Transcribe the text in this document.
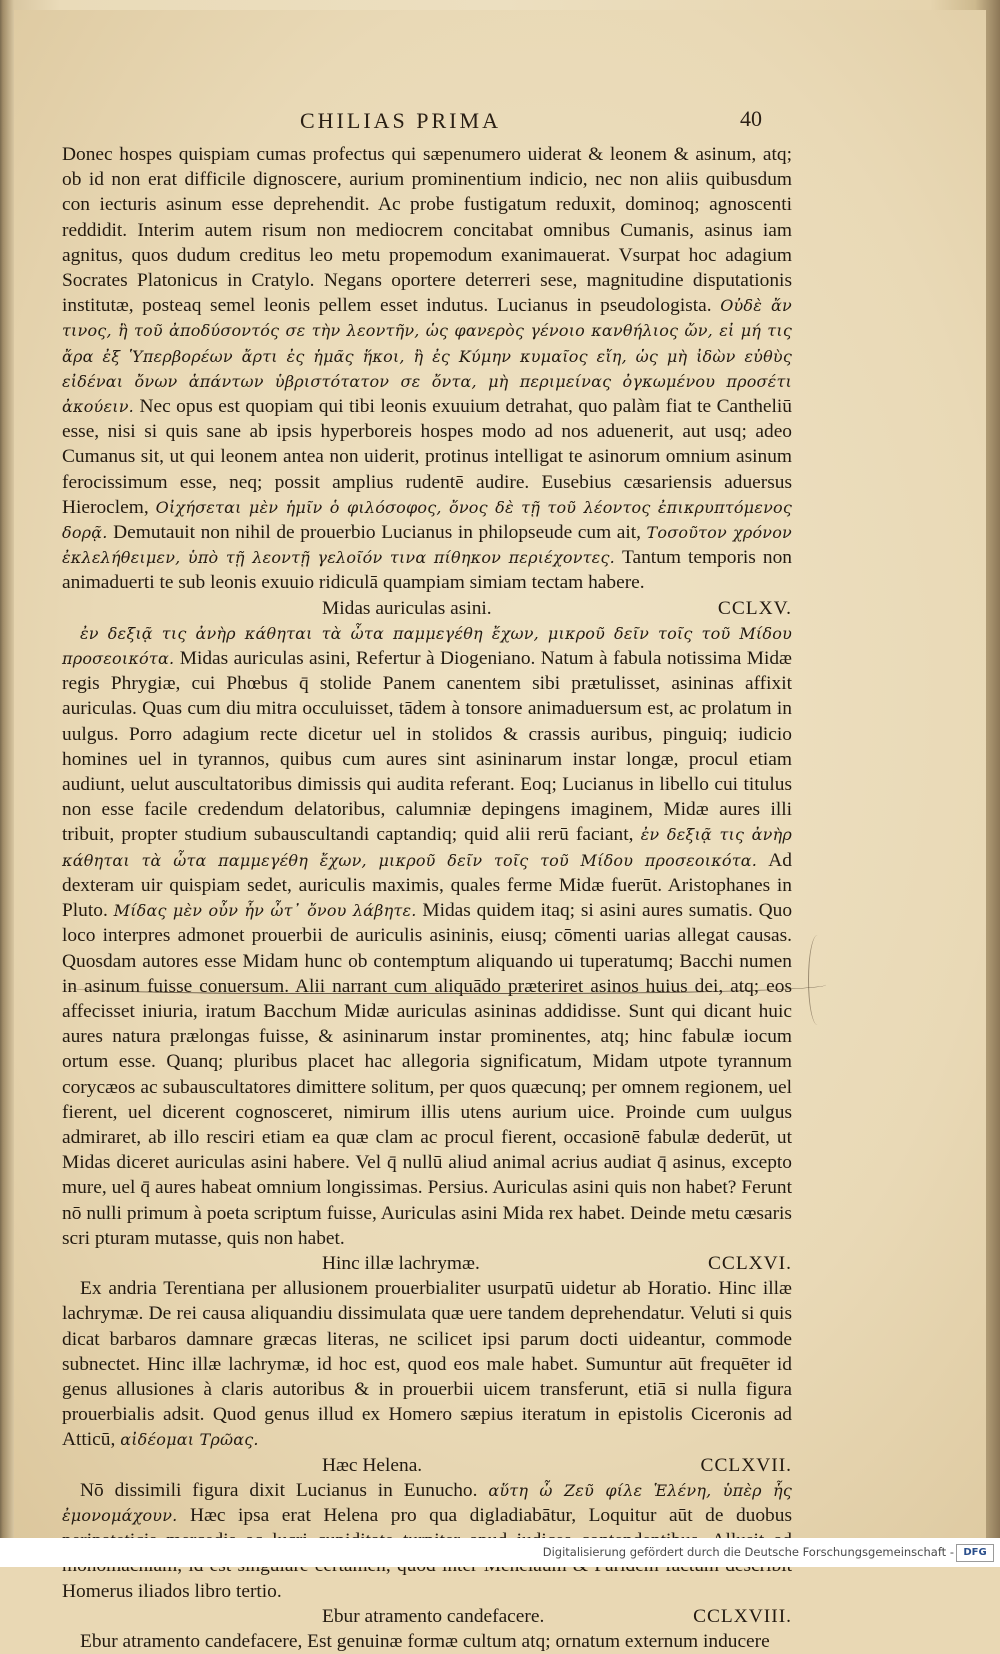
CHILIAS PRIMA	40

Donec hospes quispiam cumas profectus qui sæpenumero uiderat & leonem & asinum, atq; ob id non erat difficile dignoscere, aurium prominentium indicio, nec non aliis quibusdum con iecturis asinum esse deprehendit. Ac probe fustigatum reduxit, dominoq; agnoscenti reddidit. Interim autem risum non mediocrem concitabat omnibus Cumanis, asinus iam agnitus, quos dudum creditus leo metu propemodum exanimauerat. Vsurpat hoc adagium Socrates Platonicus in Cratylo. Negans oportere deterreri sese, magnitudine disputationis institutæ, posteaq semel leonis pellem esset indutus. Lucianus in pseudologista. Οὐδὲ ἄν τινος, ἢ τοῦ ἀποδύσοντός σε τὴν λεοντῆν, ὡς φανερὸς γένοιο κανθήλιος ὤν, εἰ μή τις ἄρα ἐξ Ὑπερβορέων ἄρτι ἐς ἡμᾶς ἥκοι, ἢ ἐς Κύμην κυμαῖος εἴη, ὡς μὴ ἰδὼν εὐθὺς εἰδέναι ὄνων ἁπάντων ὑβριστότατον σε ὄντα, μὴ περιμείνας ὀγκωμένου προσέτι ἀκούειν. Nec opus est quopiam qui tibi leonis exuuium detrahat, quo palàm fiat te Cantheliū esse, nisi si quis sane ab ipsis hyperboreis hospes modo ad nos aduenerit, aut usq; adeo Cumanus sit, ut qui leonem antea non uiderit, protinus intelligat te asinorum omnium asinum ferocissimum esse, neq; possit amplius rudentē audire. Eusebius cæsariensis aduersus Hieroclem, Οἰχήσεται μὲν ἡμῖν ὁ φιλόσοφος, ὄνος δὲ τῇ τοῦ λέοντος ἐπικρυπτόμενος δορᾷ. Demutauit non nihil de prouerbio Lucianus in philopseude cum ait, Τοσοῦτον χρόνον ἐκλελήθειμεν, ὑπὸ τῇ λεοντῇ γελοῖόν τινα πίθηκον περιέχοντες. Tantum temporis non animaduerti te sub leonis exuuio ridiculā quampiam simiam tectam habere.

Midas auriculas asini.	CCLXV.

ἐν δεξιᾷ τις ἀνὴρ κάθηται τὰ ὦτα παμμεγέθη ἔχων, μικροῦ δεῖν τοῖς τοῦ Μίδου προσεοικότα. Midas auriculas asini, Refertur à Diogeniano. Natum à fabula notissima Midæ regis Phrygiæ, cui Phœbus q̄ stolide Panem canentem sibi prætulisset, asininas affixit auriculas. Quas cum diu mitra occuluisset, tādem à tonsore animaduersum est, ac prolatum in uulgus. Porro adagium recte dicetur uel in stolidos & crassis auribus, pinguiq; iudicio homines uel in tyrannos, quibus cum aures sint asininarum instar longæ, procul etiam audiunt, uelut auscultatoribus dimissis qui audita referant. Eoq; Lucianus in libello cui titulus non esse facile credendum delatoribus, calumniæ depingens imaginem, Midæ aures illi tribuit, propter studium subauscultandi captandiq; quid alii rerū faciant, ἐν δεξιᾷ τις ἀνὴρ κάθηται τὰ ὦτα παμμεγέθη ἔχων, μικροῦ δεῖν τοῖς τοῦ Μίδου προσεοικότα. Ad dexteram uir quispiam sedet, auriculis maximis, quales ferme Midæ fuerūt. Aristophanes in Pluto. Μίδας μὲν οὖν ἦν ὦτ᾽ ὄνου λάβητε. Midas quidem itaq; si asini aures sumatis. Quo loco interpres admonet prouerbii de auriculis asininis, eiusq; cōmenti uarias allegat causas. Quosdam autores esse Midam hunc ob contemptum aliquando ui tuperatumq; Bacchi numen in asinum fuisse conuersum. Alii narrant cum aliquādo præteriret asinos huius dei, atq; eos affecisset iniuria, iratum Bacchum Midæ auriculas asininas addidisse. Sunt qui dicant huic aures natura prælongas fuisse, & asininarum instar prominentes, atq; hinc fabulæ iocum ortum esse. Quanq; pluribus placet hac allegoria significatum, Midam utpote tyrannum corycæos ac subauscultatores dimittere solitum, per quos quæcunq; per omnem regionem, uel fierent, uel dicerent cognosceret, nimirum illis utens aurium uice. Proinde cum uulgus admiraret, ab illo resciri etiam ea quæ clam ac procul fierent, occasionē fabulæ dederūt, ut Midas diceret auriculas asini habere. Vel q̄ nullū aliud animal acrius audiat q̄ asinus, excepto mure, uel q̄ aures habeat omnium longissimas. Persius. Auriculas asini quis non habet? Ferunt nō nulli primum à poeta scriptum fuisse, Auriculas asini Mida rex habet. Deinde metu cæsaris scri pturam mutasse, quis non habet.

Hinc illæ lachrymæ.	CCLXVI.

Ex andria Terentiana per allusionem prouerbialiter usurpatū uidetur ab Horatio. Hinc illæ lachrymæ. De rei causa aliquandiu dissimulata quæ uere tandem deprehendatur. Veluti si quis dicat barbaros damnare græcas literas, ne scilicet ipsi parum docti uideantur, commode subnectet. Hinc illæ lachrymæ, id hoc est, quod eos male habet. Sumuntur aūt frequēter id genus allusiones à claris autoribus & in prouerbii uicem transferunt, etiā si nulla figura prouerbialis adsit. Quod genus illud ex Homero sæpius iteratum in epistolis Ciceronis ad Atticū, αἰδέομαι Τρῶας.

Hæc Helena.	CCLXVII.

Nō dissimili figura dixit Lucianus in Eunucho. αὕτη ὦ Ζεῦ φίλε Ἑλένη, ὑπὲρ ἧς ἐμονομάχουν. Hæc ipsa erat Helena pro qua digladiabātur, Loquitur aūt de duobus Homerus iliados libro tertio.

Ebur atramento candefacere.	CCLXVIII.

Ebur atramento candefacere, Est genuinæ formæ cultum atq; ornatum externum inducere

Digitalisierung gefördert durch die Deutsche Forschungsgemeinschaft - DFG
